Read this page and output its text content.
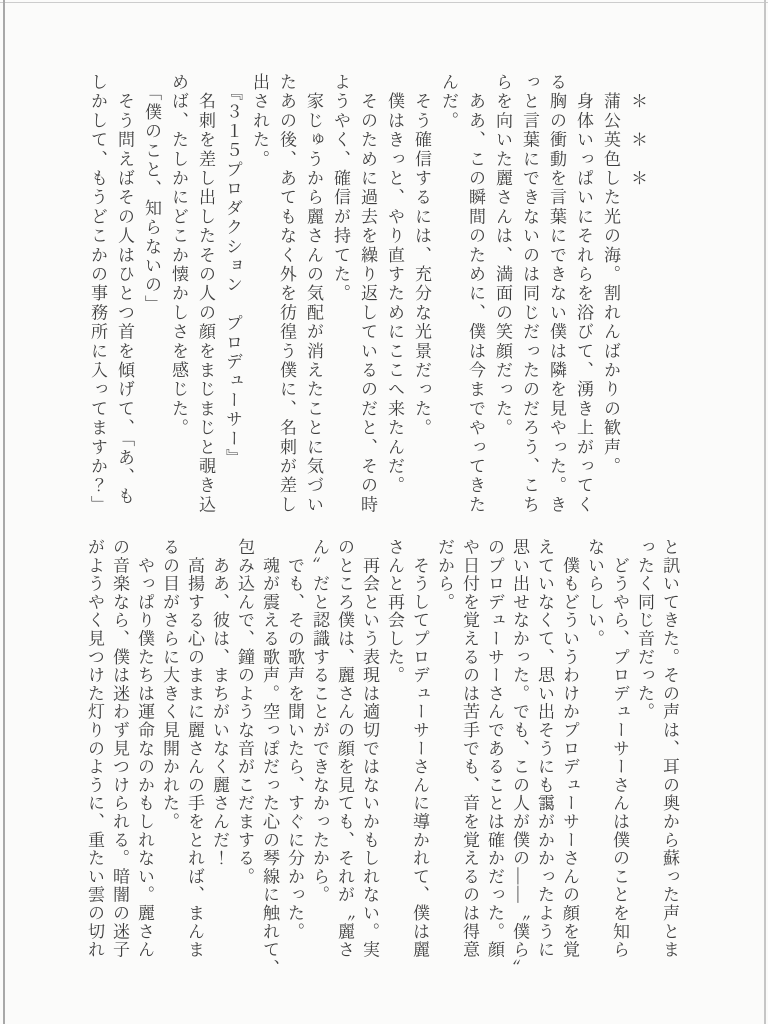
　＊　＊　＊
　蒲公英色した光の海。割れんばかりの歓声。
　身体いっぱいにそれらを浴びて、湧き上がってく
る胸の衝動を言葉にできない僕は隣を見やった。き
っと言葉にできないのは同じだったのだろう、こち
らを向いた麗さんは、満面の笑顔だった。
　ああ、この瞬間のために、僕は今までやってきた
んだ。
　そう確信するには、充分な光景だった。
　僕はきっと、やり直すためにここへ来たんだ。
　そのために過去を繰り返しているのだと、その時
ようやく、確信が持てた。
　家じゅうから麗さんの気配が消えたことに気づい
たあの後、あてもなく外を彷徨う僕に、名刺が差し
出された。
　『３１５プロダクション　プロデューサー』
　名刺を差し出したその人の顔をまじまじと覗き込
めば、たしかにどこか懐かしさを感じた。
　「僕のこと、知らないの」
　そう問えばその人はひとつ首を傾げて、「あ、も
しかして、もうどこかの事務所に入ってますか？」
と訊いてきた。その声は、耳の奥から蘇った声とま
ったく同じ音だった。
　どうやら、プロデューサーさんは僕のことを知ら
ないらしい。
　僕もどういうわけかプロデューサーさんの顔を覚
えていなくて、思い出そうにも靄がかかったように
思い出せなかった。でも、この人が僕の――〝僕ら〟
のプロデューサーさんであることは確かだった。顔
や日付を覚えるのは苦手でも、音を覚えるのは得意
だから。
　そうしてプロデューサーさんに導かれて、僕は麗
さんと再会した。
　再会という表現は適切ではないかもしれない。実
のところ僕は、麗さんの顔を見ても、それが〝麗さ
ん〟だと認識することができなかったから。
　でも、その歌声を聞いたら、すぐに分かった。
　魂が震える歌声。空っぽだった心の琴線に触れて、
包み込んで、鐘のような音がこだまする。
　ああ、彼は、まちがいなく麗さんだ！
　高揚する心のままに麗さんの手をとれば、まんま
るの目がさらに大きく見開かれた。
　やっぱり僕たちは運命なのかもしれない。麗さん
の音楽なら、僕は迷わず見つけられる。暗闇の迷子
がようやく見つけた灯りのように、重たい雲の切れ
